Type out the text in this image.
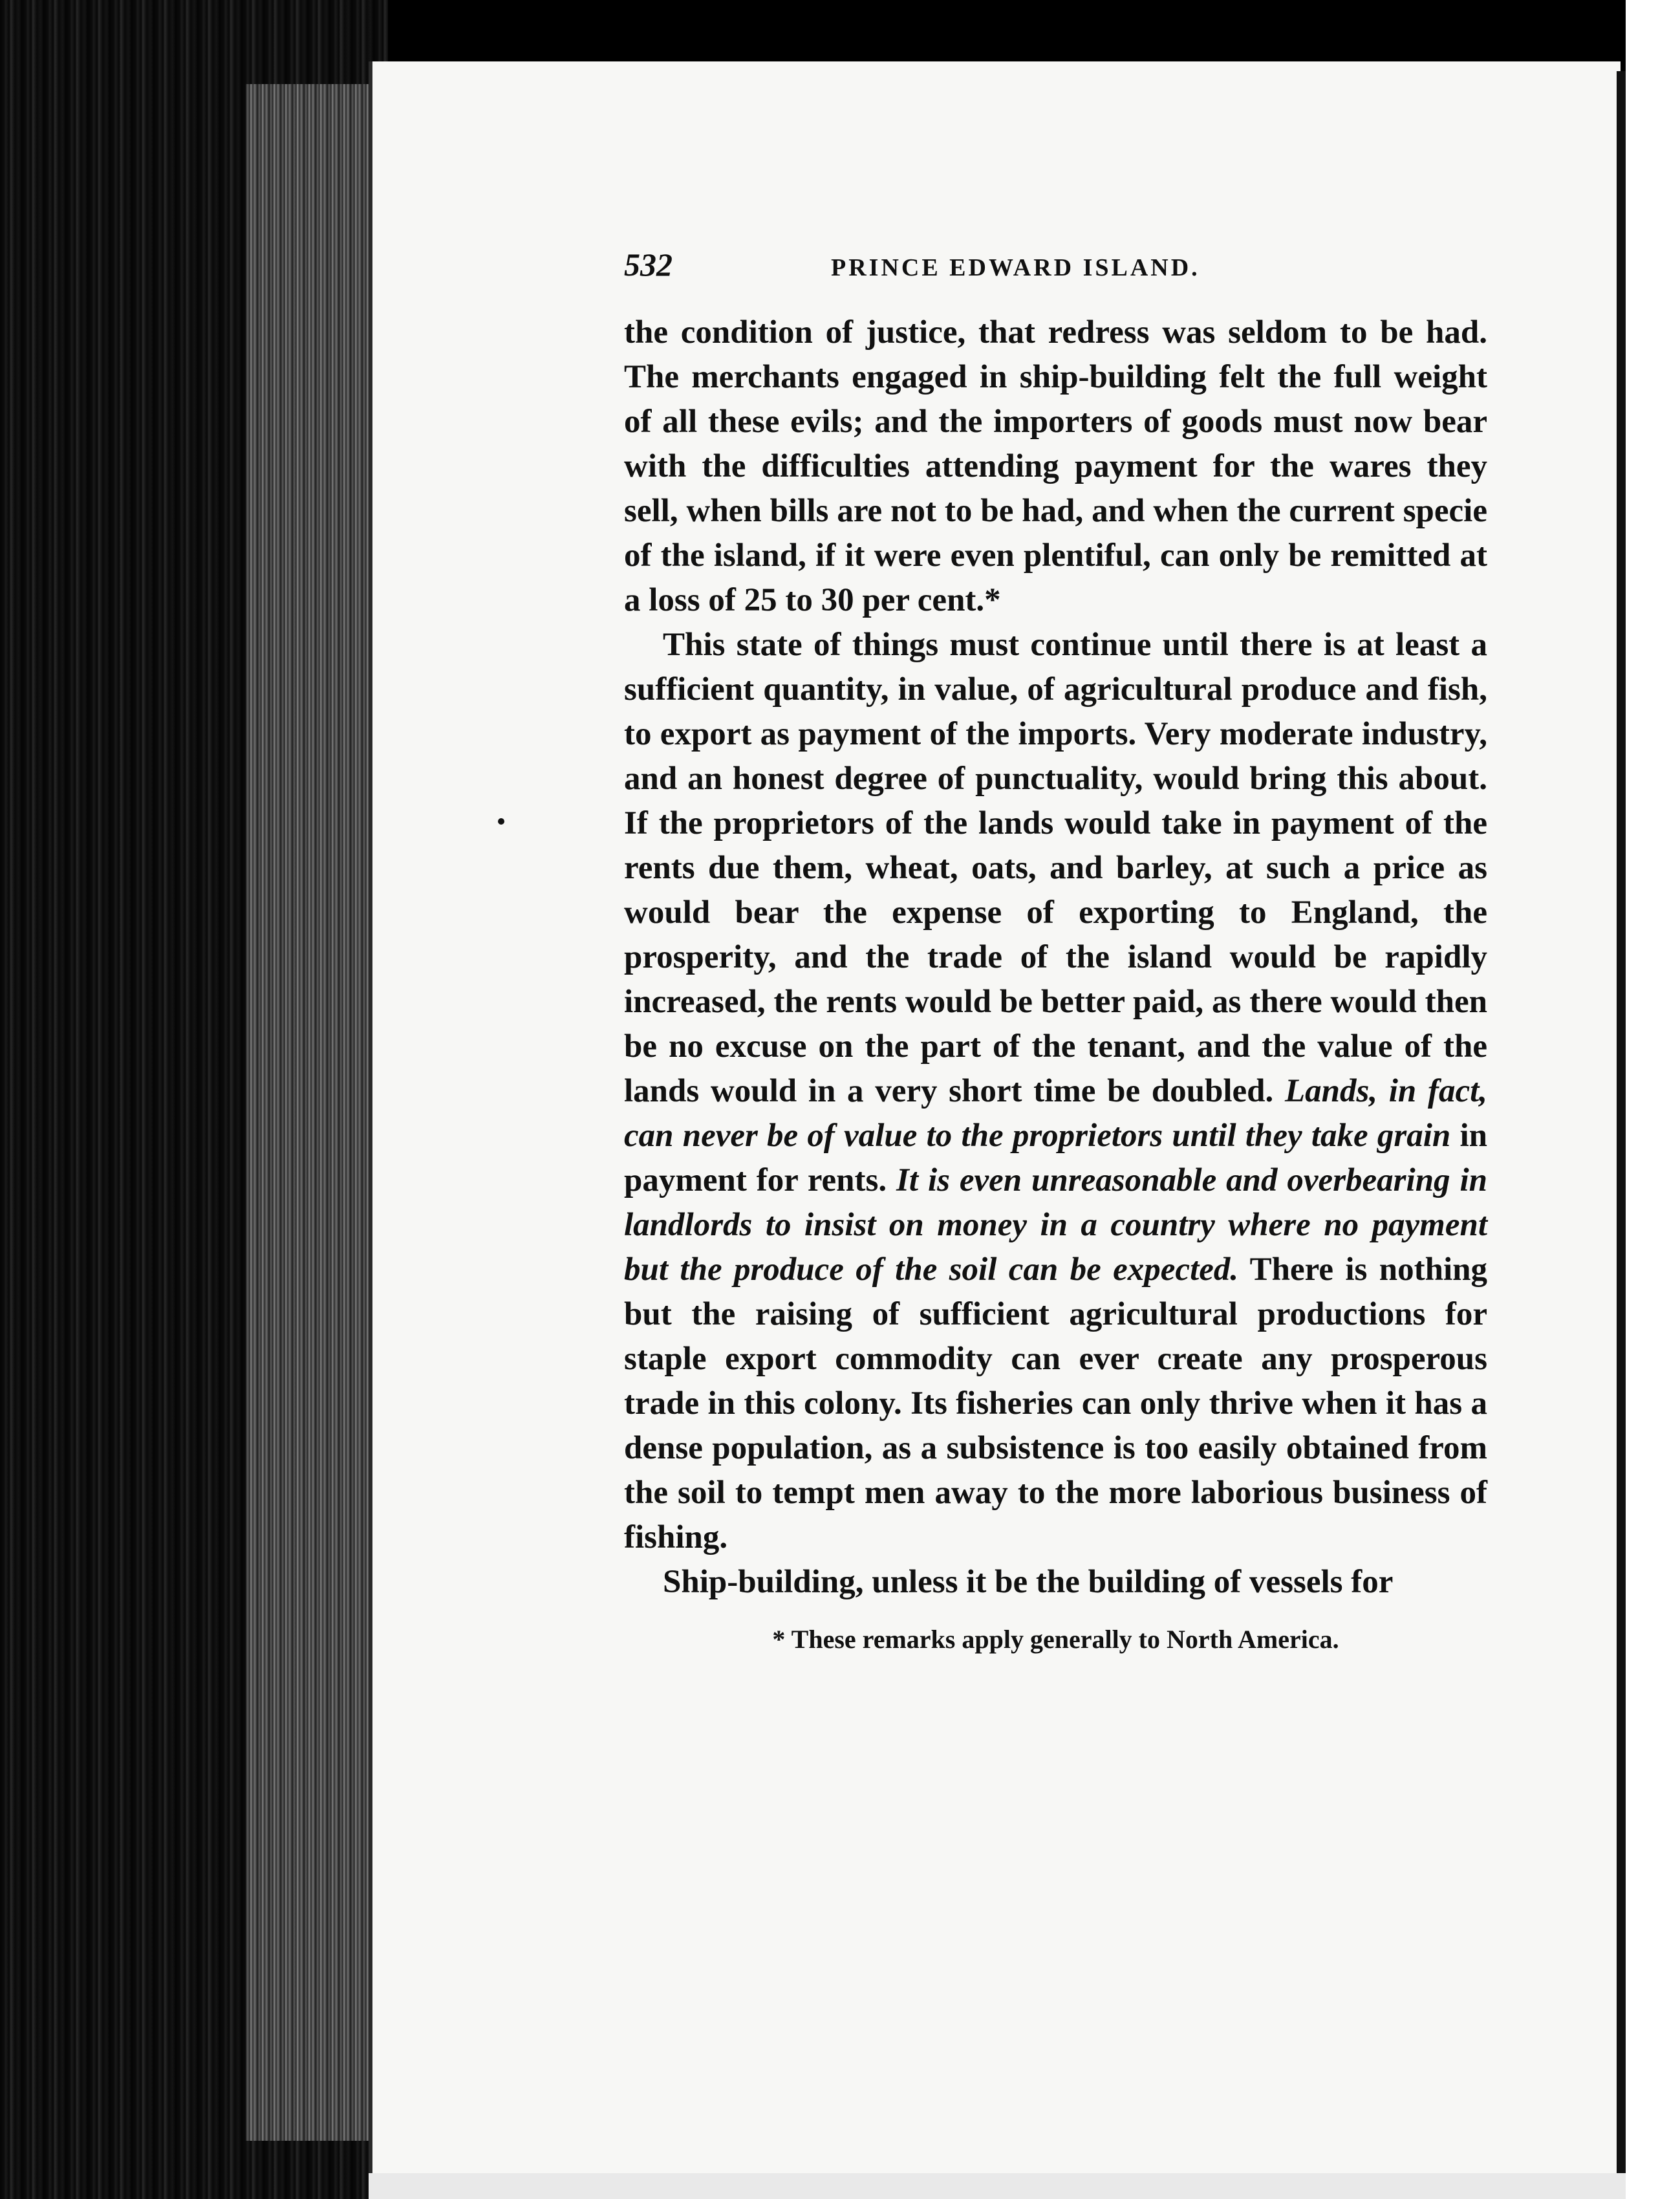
532	PRINCE EDWARD ISLAND.

the condition of justice, that redress was seldom to be had. The merchants engaged in ship-building felt the full weight of all these evils; and the importers of goods must now bear with the difficulties attending payment for the wares they sell, when bills are not to be had, and when the current specie of the island, if it were even plentiful, can only be remitted at a loss of 25 to 30 per cent.*

This state of things must continue until there is at least a sufficient quantity, in value, of agricultural produce and fish, to export as payment of the imports. Very moderate industry, and an honest degree of punctuality, would bring this about. If the proprietors of the lands would take in payment of the rents due them, wheat, oats, and barley, at such a price as would bear the expense of exporting to England, the prosperity, and the trade of the island would be rapidly increased, the rents would be better paid, as there would then be no excuse on the part of the tenant, and the value of the lands would in a very short time be doubled. Lands, in fact, can never be of value to the proprietors until they take grain in payment for rents. It is even unreasonable and overbearing in landlords to insist on money in a country where no payment but the produce of the soil can be expected. There is nothing but the raising of sufficient agricultural productions for staple export commodity can ever create any prosperous trade in this colony. Its fisheries can only thrive when it has a dense population, as a subsistence is too easily obtained from the soil to tempt men away to the more laborious business of fishing.

Ship-building, unless it be the building of vessels for

* These remarks apply generally to North America.
